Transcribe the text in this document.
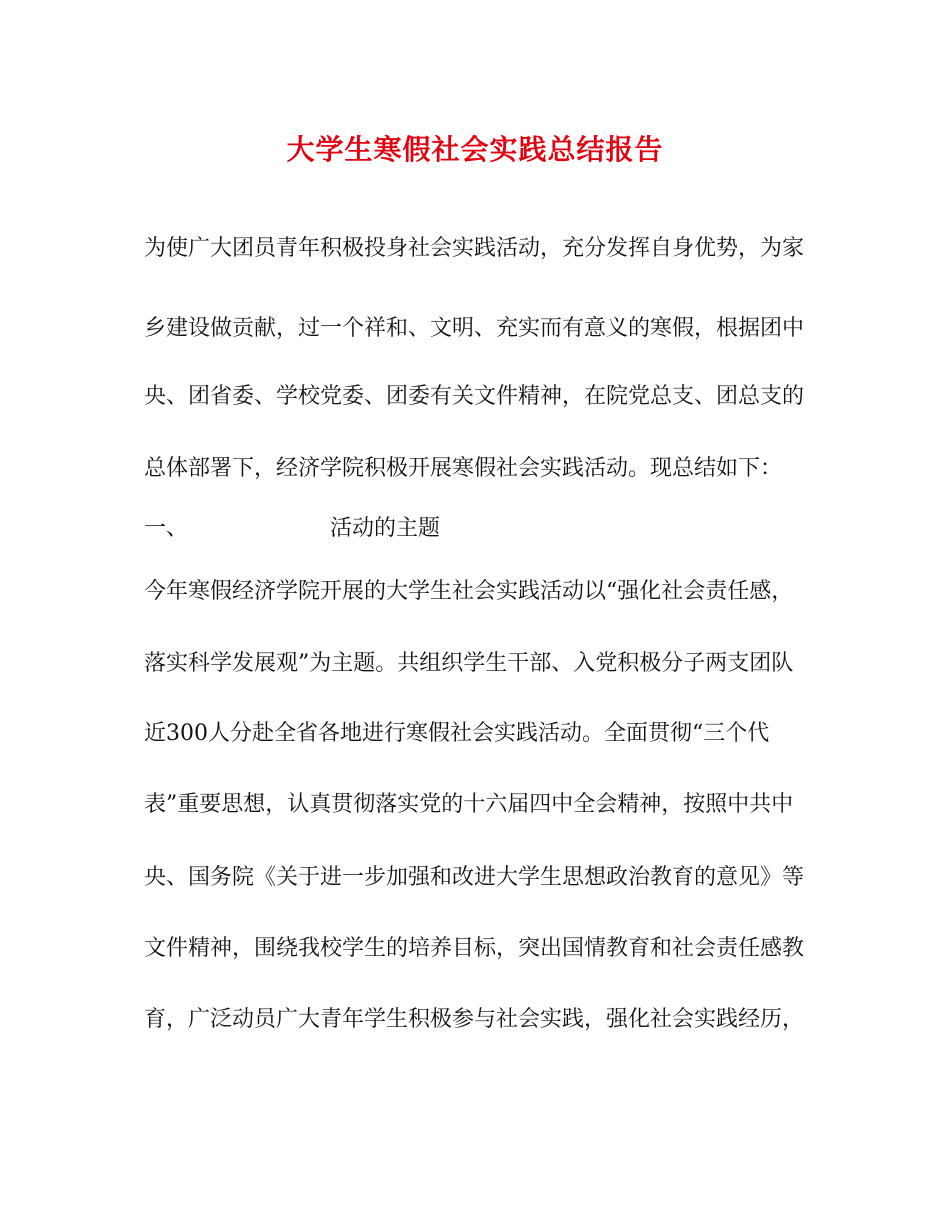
大学生寒假社会实践总结报告
为使广大团员青年积极投身社会实践活动，充分发挥自身优势，为家
乡建设做贡献，过一个祥和、文明、充实而有意义的寒假，根据团中
央、团省委、学校党委、团委有关文件精神，在院党总支、团总支的
总体部署下，经济学院积极开展寒假社会实践活动。现总结如下：
一、	活动的主题
今年寒假经济学院开展的大学生社会实践活动以“强化社会责任感，
落实科学发展观”为主题。共组织学生干部、入党积极分子两支团队
近300人分赴全省各地进行寒假社会实践活动。全面贯彻“三个代
表”重要思想，认真贯彻落实党的十六届四中全会精神，按照中共中
央、国务院《关于进一步加强和改进大学生思想政治教育的意见》等
文件精神，围绕我校学生的培养目标，突出国情教育和社会责任感教
育，广泛动员广大青年学生积极参与社会实践，强化社会实践经历，
